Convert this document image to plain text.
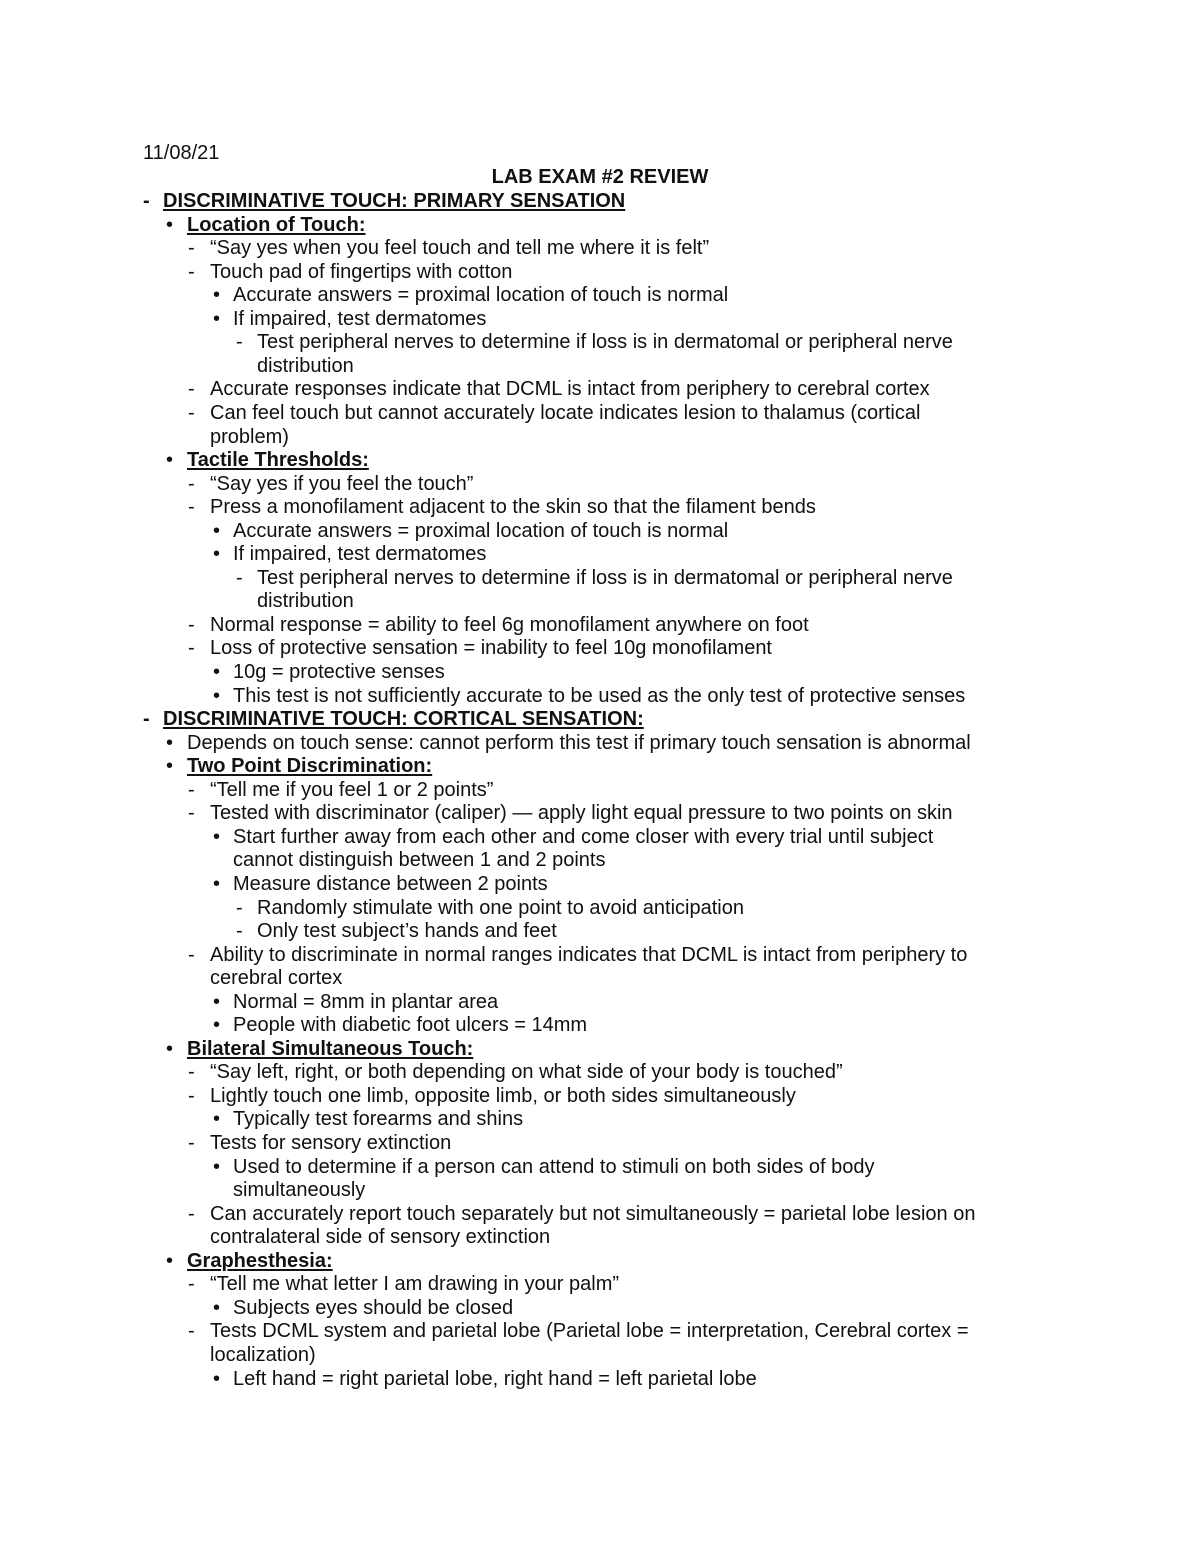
11/08/21
LAB EXAM #2 REVIEW
- DISCRIMINATIVE TOUCH: PRIMARY SENSATION
• Location of Touch:
- “Say yes when you feel touch and tell me where it is felt”
- Touch pad of fingertips with cotton
• Accurate answers = proximal location of touch is normal
• If impaired, test dermatomes
- Test peripheral nerves to determine if loss is in dermatomal or peripheral nerve
distribution
- Accurate responses indicate that DCML is intact from periphery to cerebral cortex
- Can feel touch but cannot accurately locate indicates lesion to thalamus (cortical
problem)
• Tactile Thresholds:
- “Say yes if you feel the touch”
- Press a monofilament adjacent to the skin so that the filament bends
• Accurate answers = proximal location of touch is normal
• If impaired, test dermatomes
- Test peripheral nerves to determine if loss is in dermatomal or peripheral nerve
distribution
- Normal response = ability to feel 6g monofilament anywhere on foot
- Loss of protective sensation = inability to feel 10g monofilament
• 10g = protective senses
• This test is not sufficiently accurate to be used as the only test of protective senses
- DISCRIMINATIVE TOUCH: CORTICAL SENSATION:
• Depends on touch sense: cannot perform this test if primary touch sensation is abnormal
• Two Point Discrimination:
- “Tell me if you feel 1 or 2 points”
- Tested with discriminator (caliper) — apply light equal pressure to two points on skin
• Start further away from each other and come closer with every trial until subject
cannot distinguish between 1 and 2 points
• Measure distance between 2 points
- Randomly stimulate with one point to avoid anticipation
- Only test subject’s hands and feet
- Ability to discriminate in normal ranges indicates that DCML is intact from periphery to
cerebral cortex
• Normal = 8mm in plantar area
• People with diabetic foot ulcers = 14mm
• Bilateral Simultaneous Touch:
- “Say left, right, or both depending on what side of your body is touched”
- Lightly touch one limb, opposite limb, or both sides simultaneously
• Typically test forearms and shins
- Tests for sensory extinction
• Used to determine if a person can attend to stimuli on both sides of body
simultaneously
- Can accurately report touch separately but not simultaneously = parietal lobe lesion on
contralateral side of sensory extinction
• Graphesthesia:
- “Tell me what letter I am drawing in your palm”
• Subjects eyes should be closed
- Tests DCML system and parietal lobe (Parietal lobe = interpretation, Cerebral cortex =
localization)
• Left hand = right parietal lobe, right hand = left parietal lobe
